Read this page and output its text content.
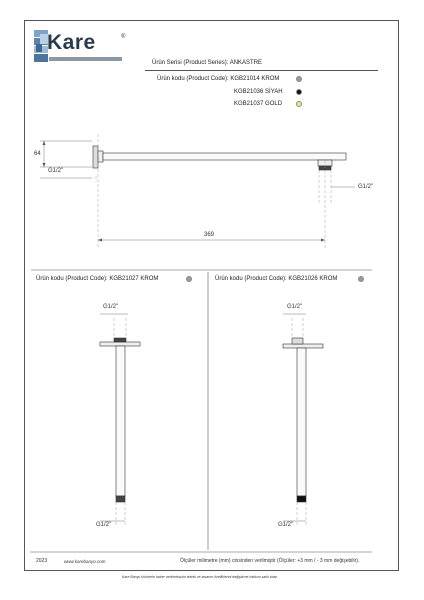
Kare	®
Ürün Serisi (Product Series): ANKASTRE
Ürün kodu (Product Code): KGB21014 KROM
KGB21036 SİYAH
KGB21037 GOLD
64
G1/2"
G1/2"
369
Ürün kodu (Product Code): KGB21027 KROM
G1/2"
G1/2"
Ürün kodu (Product Code): KGB21026 KROM
G1/2"
G1/2"
2023	www.karebanyo.com	Ölçüler milimetre (mm) cinsinden verilmiştir (Ölçüler: +3 mm / - 3 mm değişebilir).
Kare Banyo ürünlerin haber verilmeksizin teknik ve tasarım özelliklerini değiştirme hakkını saklı tutar.
